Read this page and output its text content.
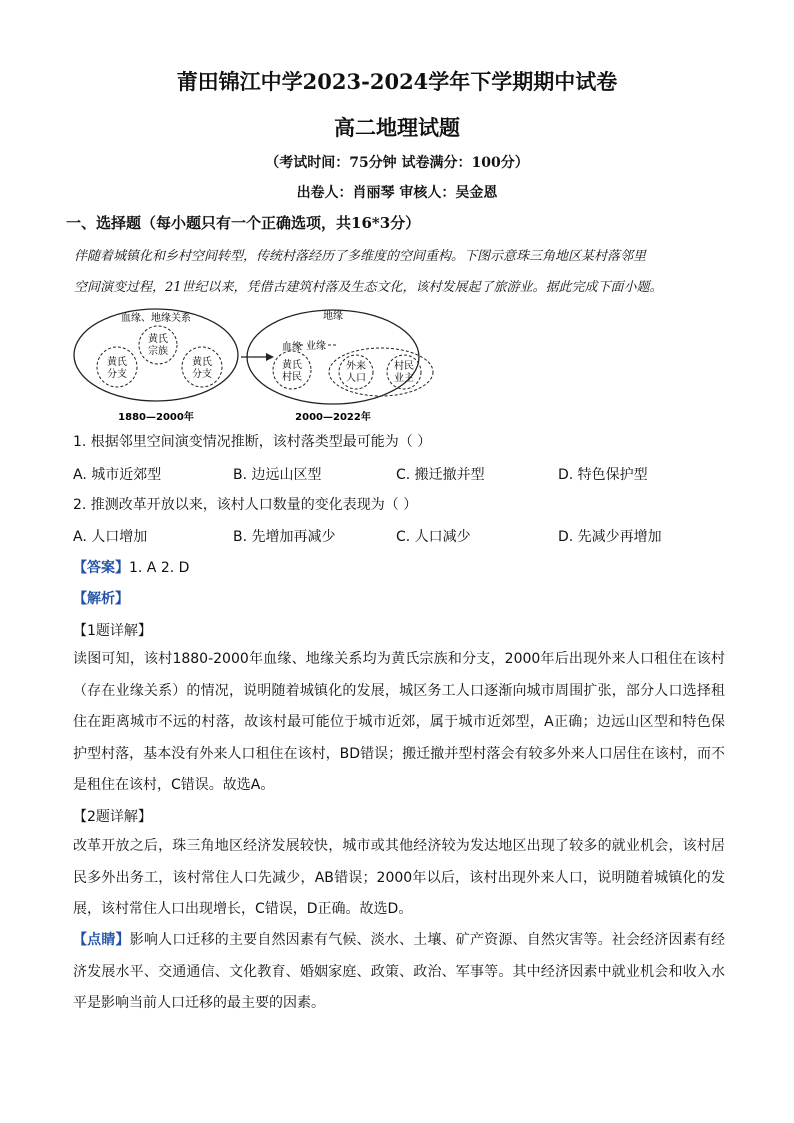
莆田锦江中学2023-2024学年下学期期中试卷
高二地理试题
（考试时间：75分钟 试卷满分：100分）
出卷人：肖丽琴 审核人：吴金恩
一、选择题（每小题只有一个正确选项，共16*3分）
伴随着城镇化和乡村空间转型，传统村落经历了多维度的空间重构。下图示意珠三角地区某村落邻里
空间演变过程，21世纪以来，凭借古建筑村落及生态文化，该村发展起了旅游业。据此完成下面小题。
血缘、地缘关系
黄氏
宗族
黄氏
分支
黄氏
分支
1880—2000年
地缘
业缘
血缘
黄氏
村民
外来
人口
村民
业主
2000—2022年
1. 根据邻里空间演变情况推断，该村落类型最可能为（ ）
A. 城市近郊型	B. 边远山区型	C. 搬迁撤并型	D. 特色保护型
2. 推测改革开放以来，该村人口数量的变化表现为（ ）
A. 人口增加	B. 先增加再减少	C. 人口减少	D. 先减少再增加
【答案】1. A 2. D
【解析】
【1题详解】
读图可知，该村1880-2000年血缘、地缘关系均为黄氏宗族和分支，2000年后出现外来人口租住在该村（存在业缘关系）的情况，说明随着城镇化的发展，城区务工人口逐渐向城市周围扩张，部分人口选择租住在距离城市不远的村落，故该村最可能位于城市近郊，属于城市近郊型，A正确；边远山区型和特色保护型村落，基本没有外来人口租住在该村，BD错误；搬迁撤并型村落会有较多外来人口居住在该村，而不是租住在该村，C错误。故选A。
【2题详解】
改革开放之后，珠三角地区经济发展较快，城市或其他经济较为发达地区出现了较多的就业机会，该村居民多外出务工，该村常住人口先减少，AB错误；2000年以后，该村出现外来人口，说明随着城镇化的发展，该村常住人口出现增长，C错误，D正确。故选D。
【点睛】影响人口迁移的主要自然因素有气候、淡水、土壤、矿产资源、自然灾害等。社会经济因素有经济发展水平、交通通信、文化教育、婚姻家庭、政策、政治、军事等。其中经济因素中就业机会和收入水平是影响当前人口迁移的最主要的因素。
